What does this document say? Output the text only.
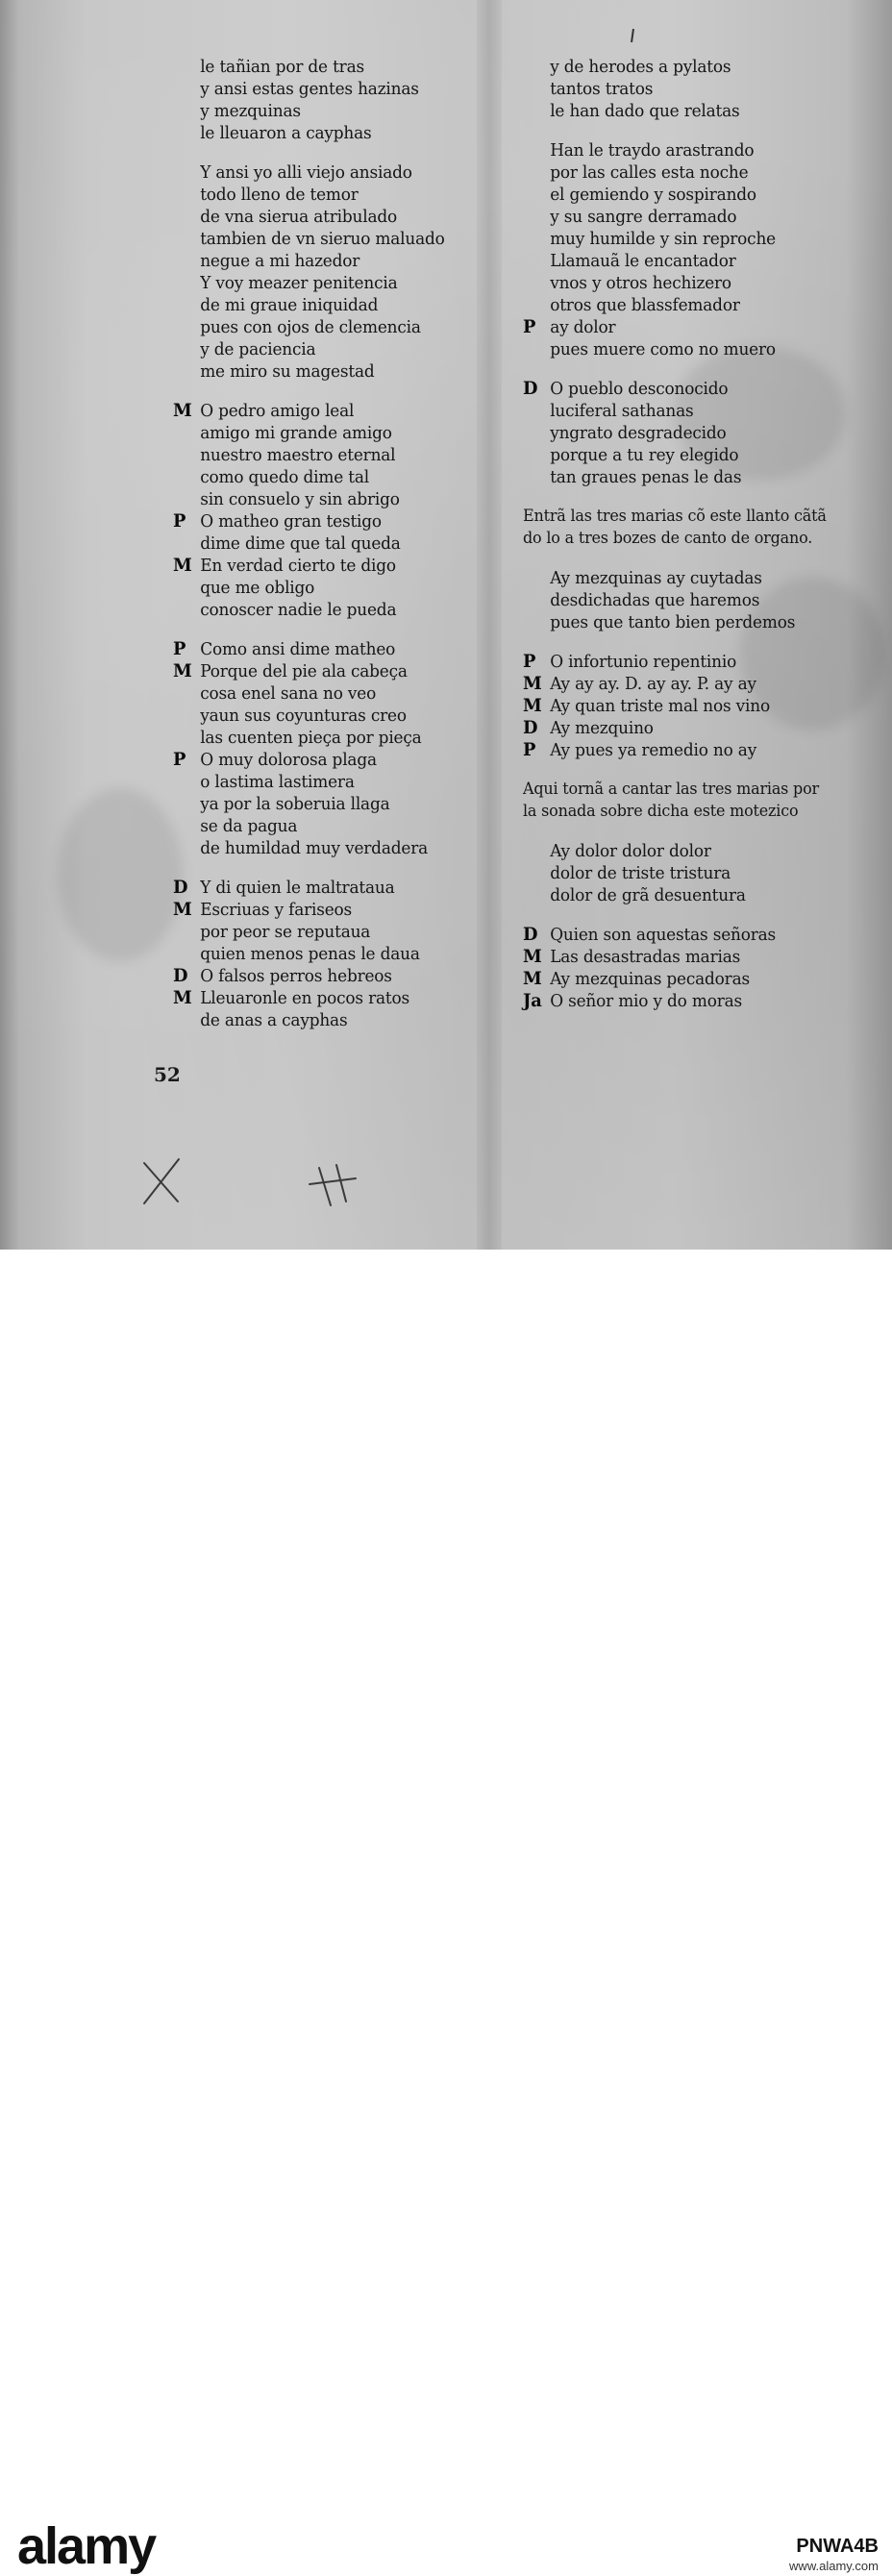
le tañian por de tras
y ansi estas gentes hazinas
y mezquinas
le lleuaron a cayphas
Y ansi yo alli viejo ansiado
todo lleno de temor
de vna sierua atribulado
tambien de vn sieruo maluado
negue a mi hazedor
Y voy meazer penitencia
de mi graue iniquidad
pues con ojos de clemencia
y de paciencia
me miro su magestad
M O pedro amigo leal
amigo mi grande amigo
nuestro maestro eternal
como quedo dime tal
sin consuelo y sin abrigo
P O matheo gran testigo
dime dime que tal queda
M En verdad cierto te digo
que me obligo
conoscer nadie le pueda
P Como ansi dime matheo
M Porque del pie ala cabeça
cosa enel sana no veo
yaun sus coyunturas creo
las cuenten pieça por pieça
P O muy dolorosa plaga
o lastima lastimera
ya por la soberuia llaga
se da pagua
de humildad muy verdadera
D Y di quien le maltrataua
M Escriuas y fariseos
por peor se reputaua
quien menos penas le daua
D O falsos perros hebreos
M Lleuaronle en pocos ratos
de anas a cayphas
y de herodes a pylatos
tantos tratos
le han dado que relatas
Han le traydo arastrando
por las calles esta noche
el gemiendo y sospirando
y su sangre derramado
muy humilde y sin reproche
Llamauã le encantador
vnos y otros hechizero
otros que blassfemador
P ay dolor
pues muere como no muero
D O pueblo desconocido
luciferal sathanas
yngrato desgradecido
porque a tu rey elegido
tan graues penas le das
Entrã las tres marias cõ este llanto cãtã
do lo a tres bozes de canto de organo.
Ay mezquinas ay cuytadas
desdichadas que haremos
pues que tanto bien perdemos
P O infortunio repentinio
M Ay ay ay. D. ay ay. P. ay ay
M Ay quan triste mal nos vino
D Ay mezquino
P Ay pues ya remedio no ay
Aqui tornã a cantar las tres marias por
la sonada sobre dicha este motezico
Ay dolor dolor dolor
dolor de triste tristura
dolor de grã desuentura
D Quien son aquestas señoras
M Las desastradas marias
M Ay mezquinas pecadoras
Ja O señor mio y do moras
52
alamy	PNWA4B
www.alamy.com
